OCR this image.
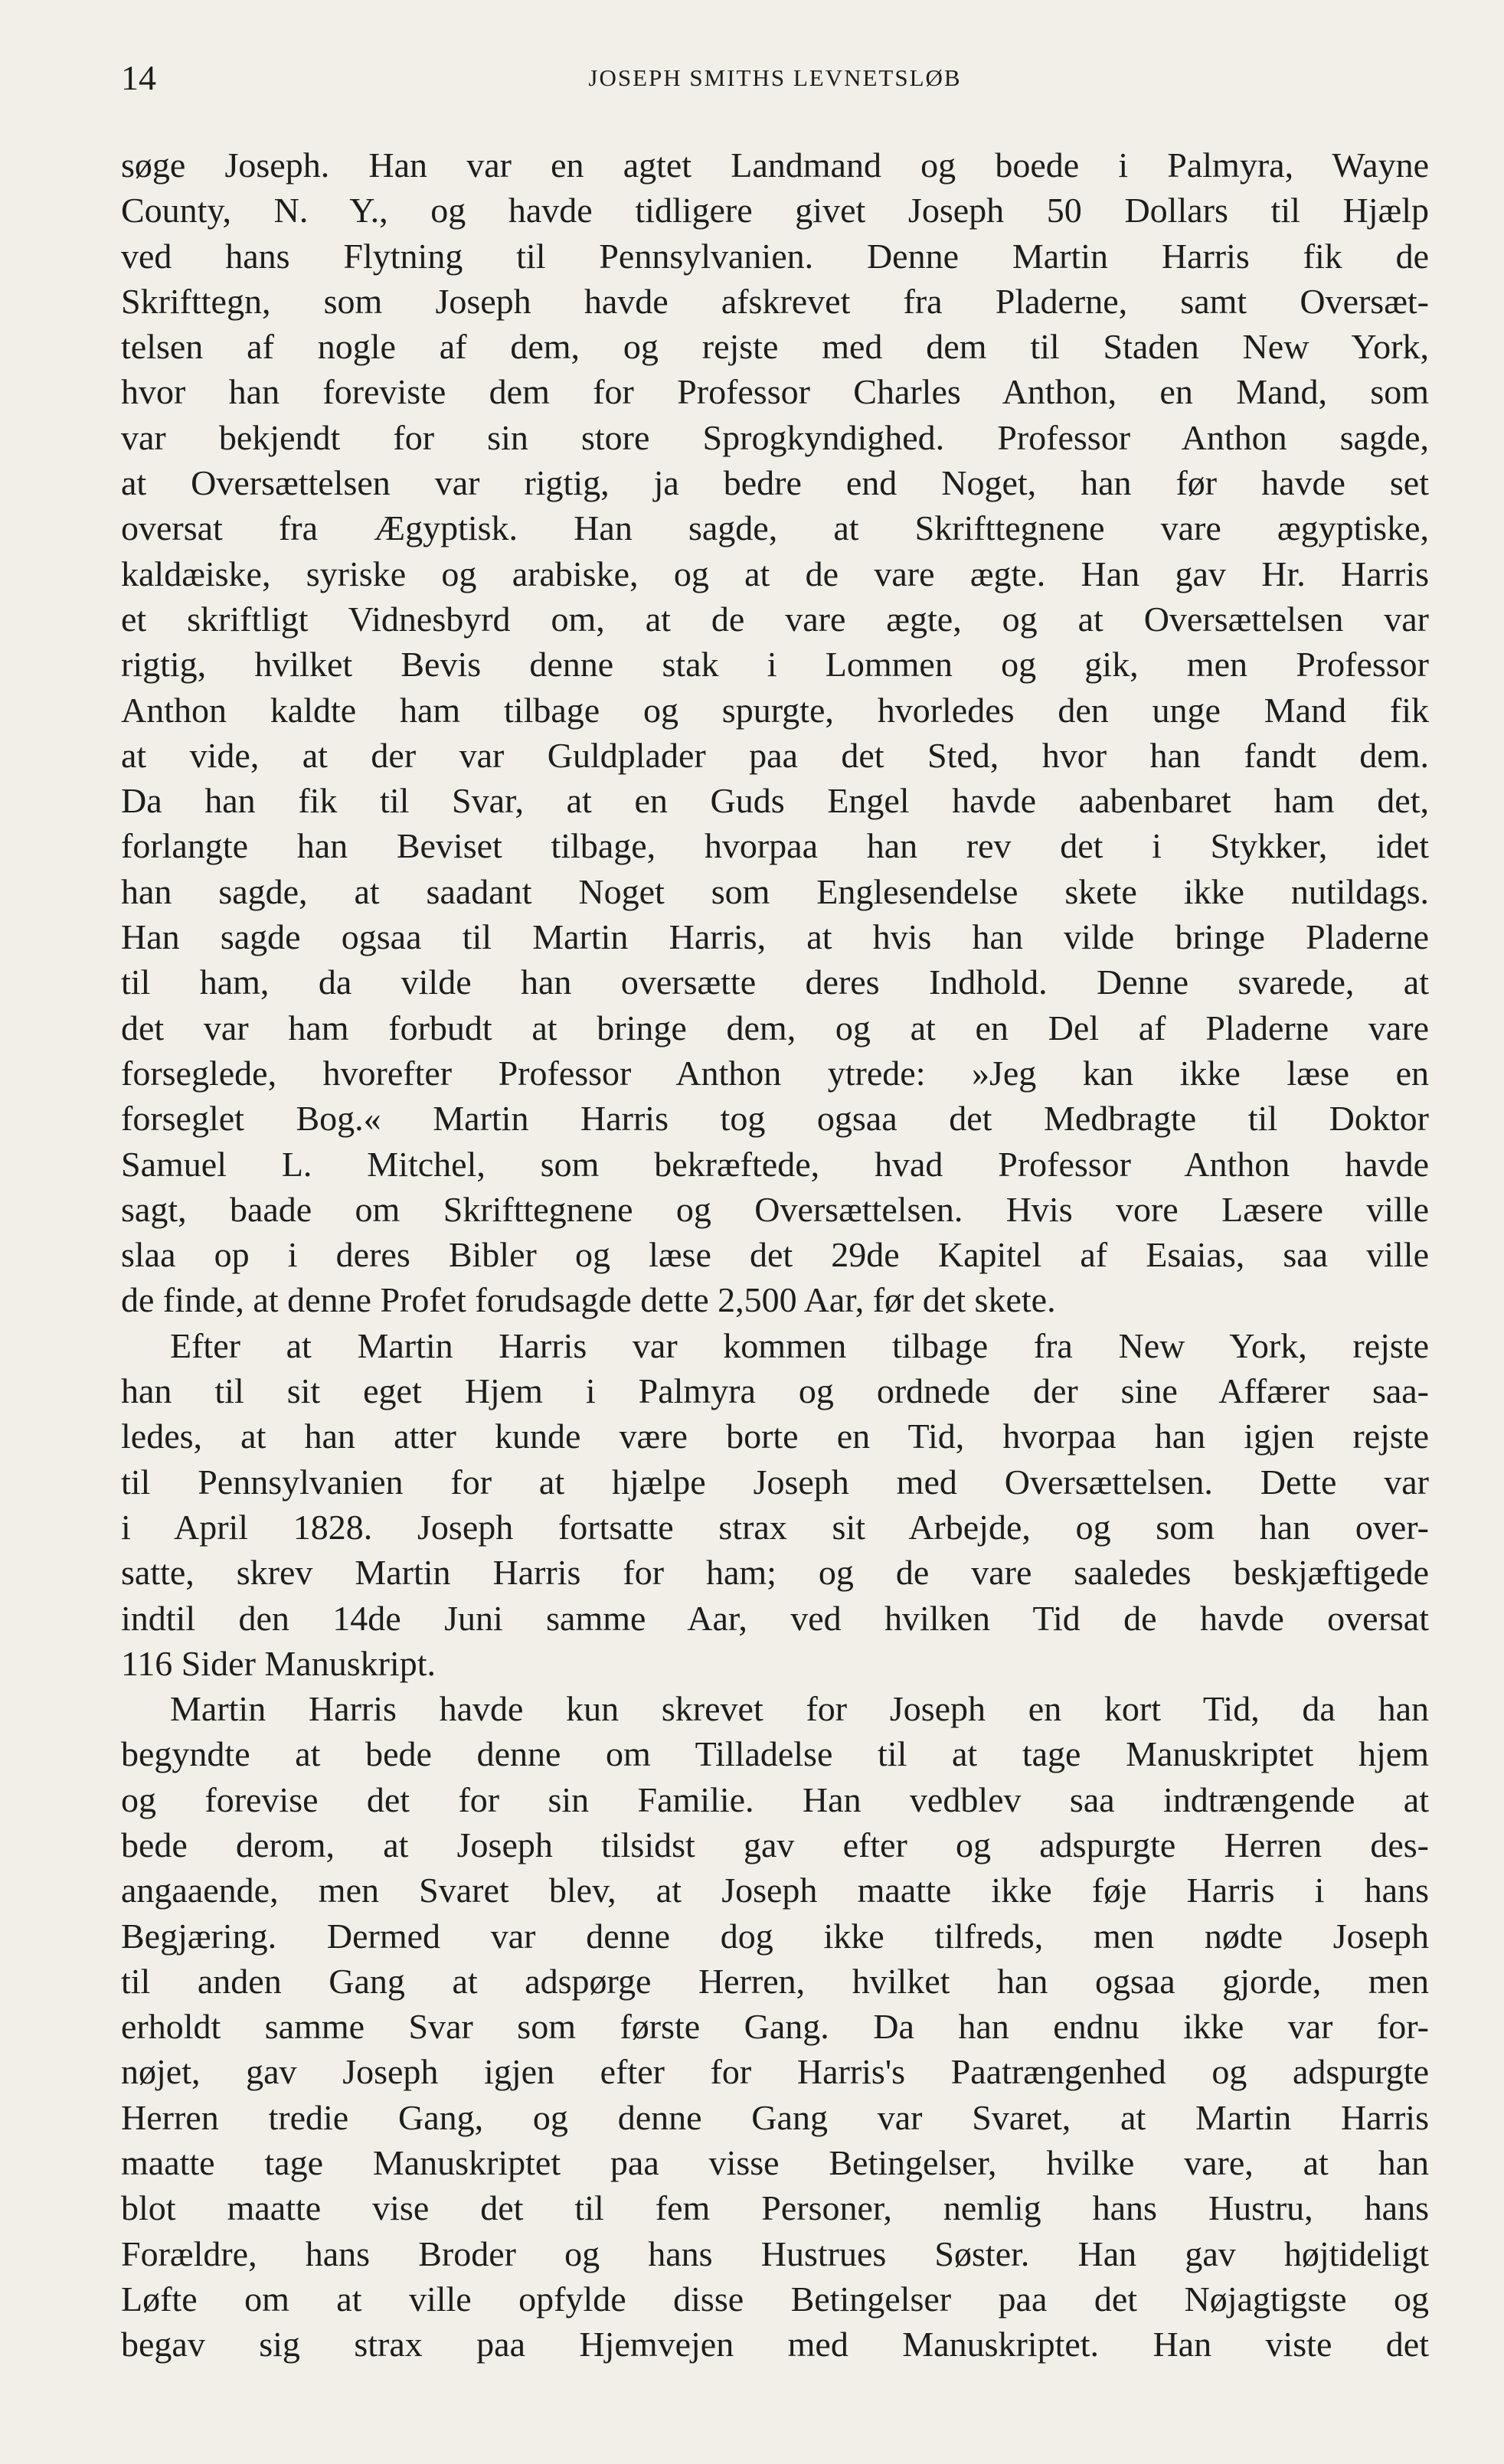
14	JOSEPH SMITHS LEVNETSLØB
søge Joseph. Han var en agtet Landmand og boede i Palmyra, Wayne
County, N. Y., og havde tidligere givet Joseph 50 Dollars til Hjælp
ved hans Flytning til Pennsylvanien. Denne Martin Harris fik de
Skrifttegn, som Joseph havde afskrevet fra Pladerne, samt Oversæt-
telsen af nogle af dem, og rejste med dem til Staden New York,
hvor han foreviste dem for Professor Charles Anthon, en Mand, som
var bekjendt for sin store Sprogkyndighed. Professor Anthon sagde,
at Oversættelsen var rigtig, ja bedre end Noget, han før havde set
oversat fra Ægyptisk. Han sagde, at Skrifttegnene vare ægyptiske,
kaldæiske, syriske og arabiske, og at de vare ægte. Han gav Hr. Harris
et skriftligt Vidnesbyrd om, at de vare ægte, og at Oversættelsen var
rigtig, hvilket Bevis denne stak i Lommen og gik, men Professor
Anthon kaldte ham tilbage og spurgte, hvorledes den unge Mand fik
at vide, at der var Guldplader paa det Sted, hvor han fandt dem.
Da han fik til Svar, at en Guds Engel havde aabenbaret ham det,
forlangte han Beviset tilbage, hvorpaa han rev det i Stykker, idet
han sagde, at saadant Noget som Englesendelse skete ikke nutildags.
Han sagde ogsaa til Martin Harris, at hvis han vilde bringe Pladerne
til ham, da vilde han oversætte deres Indhold. Denne svarede, at
det var ham forbudt at bringe dem, og at en Del af Pladerne vare
forseglede, hvorefter Professor Anthon ytrede: »Jeg kan ikke læse en
forseglet Bog.« Martin Harris tog ogsaa det Medbragte til Doktor
Samuel L. Mitchel, som bekræftede, hvad Professor Anthon havde
sagt, baade om Skrifttegnene og Oversættelsen. Hvis vore Læsere ville
slaa op i deres Bibler og læse det 29de Kapitel af Esaias, saa ville
de finde, at denne Profet forudsagde dette 2,500 Aar, før det skete.
Efter at Martin Harris var kommen tilbage fra New York, rejste
han til sit eget Hjem i Palmyra og ordnede der sine Affærer saa-
ledes, at han atter kunde være borte en Tid, hvorpaa han igjen rejste
til Pennsylvanien for at hjælpe Joseph med Oversættelsen. Dette var
i April 1828. Joseph fortsatte strax sit Arbejde, og som han over-
satte, skrev Martin Harris for ham; og de vare saaledes beskjæftigede
indtil den 14de Juni samme Aar, ved hvilken Tid de havde oversat
116 Sider Manuskript.
Martin Harris havde kun skrevet for Joseph en kort Tid, da han
begyndte at bede denne om Tilladelse til at tage Manuskriptet hjem
og forevise det for sin Familie. Han vedblev saa indtrængende at
bede derom, at Joseph tilsidst gav efter og adspurgte Herren des-
angaaende, men Svaret blev, at Joseph maatte ikke føje Harris i hans
Begjæring. Dermed var denne dog ikke tilfreds, men nødte Joseph
til anden Gang at adspørge Herren, hvilket han ogsaa gjorde, men
erholdt samme Svar som første Gang. Da han endnu ikke var for-
nøjet, gav Joseph igjen efter for Harris's Paatrængenhed og adspurgte
Herren tredie Gang, og denne Gang var Svaret, at Martin Harris
maatte tage Manuskriptet paa visse Betingelser, hvilke vare, at han
blot maatte vise det til fem Personer, nemlig hans Hustru, hans
Forældre, hans Broder og hans Hustrues Søster. Han gav højtideligt
Løfte om at ville opfylde disse Betingelser paa det Nøjagtigste og
begav sig strax paa Hjemvejen med Manuskriptet. Han viste det
